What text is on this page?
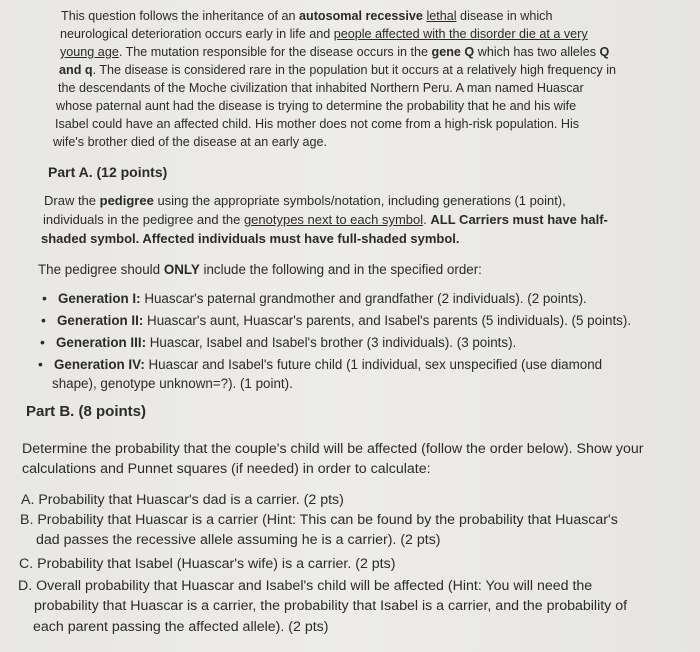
This question follows the inheritance of an autosomal recessive lethal disease in which
neurological deterioration occurs early in life and people affected with the disorder die at a very
young age. The mutation responsible for the disease occurs in the gene Q which has two alleles Q
and q. The disease is considered rare in the population but it occurs at a relatively high frequency in
the descendants of the Moche civilization that inhabited Northern Peru. A man named Huascar
whose paternal aunt had the disease is trying to determine the probability that he and his wife
Isabel could have an affected child. His mother does not come from a high-risk population. His
wife's brother died of the disease at an early age.
Part A. (12 points)
Draw the pedigree using the appropriate symbols/notation, including generations (1 point),
individuals in the pedigree and the genotypes next to each symbol. ALL Carriers must have half-
shaded symbol. Affected individuals must have full-shaded symbol.
The pedigree should ONLY include the following and in the specified order:
• Generation I: Huascar's paternal grandmother and grandfather (2 individuals). (2 points).
• Generation II: Huascar's aunt, Huascar's parents, and Isabel's parents (5 individuals). (5 points).
• Generation III: Huascar, Isabel and Isabel's brother (3 individuals). (3 points).
• Generation IV: Huascar and Isabel's future child (1 individual, sex unspecified (use diamond
shape), genotype unknown=?). (1 point).
Part B. (8 points)
Determine the probability that the couple's child will be affected (follow the order below). Show your
calculations and Punnet squares (if needed) in order to calculate:
A. Probability that Huascar's dad is a carrier. (2 pts)
B. Probability that Huascar is a carrier (Hint: This can be found by the probability that Huascar's
dad passes the recessive allele assuming he is a carrier). (2 pts)
C. Probability that Isabel (Huascar's wife) is a carrier. (2 pts)
D. Overall probability that Huascar and Isabel's child will be affected (Hint: You will need the
probability that Huascar is a carrier, the probability that Isabel is a carrier, and the probability of
each parent passing the affected allele). (2 pts)
